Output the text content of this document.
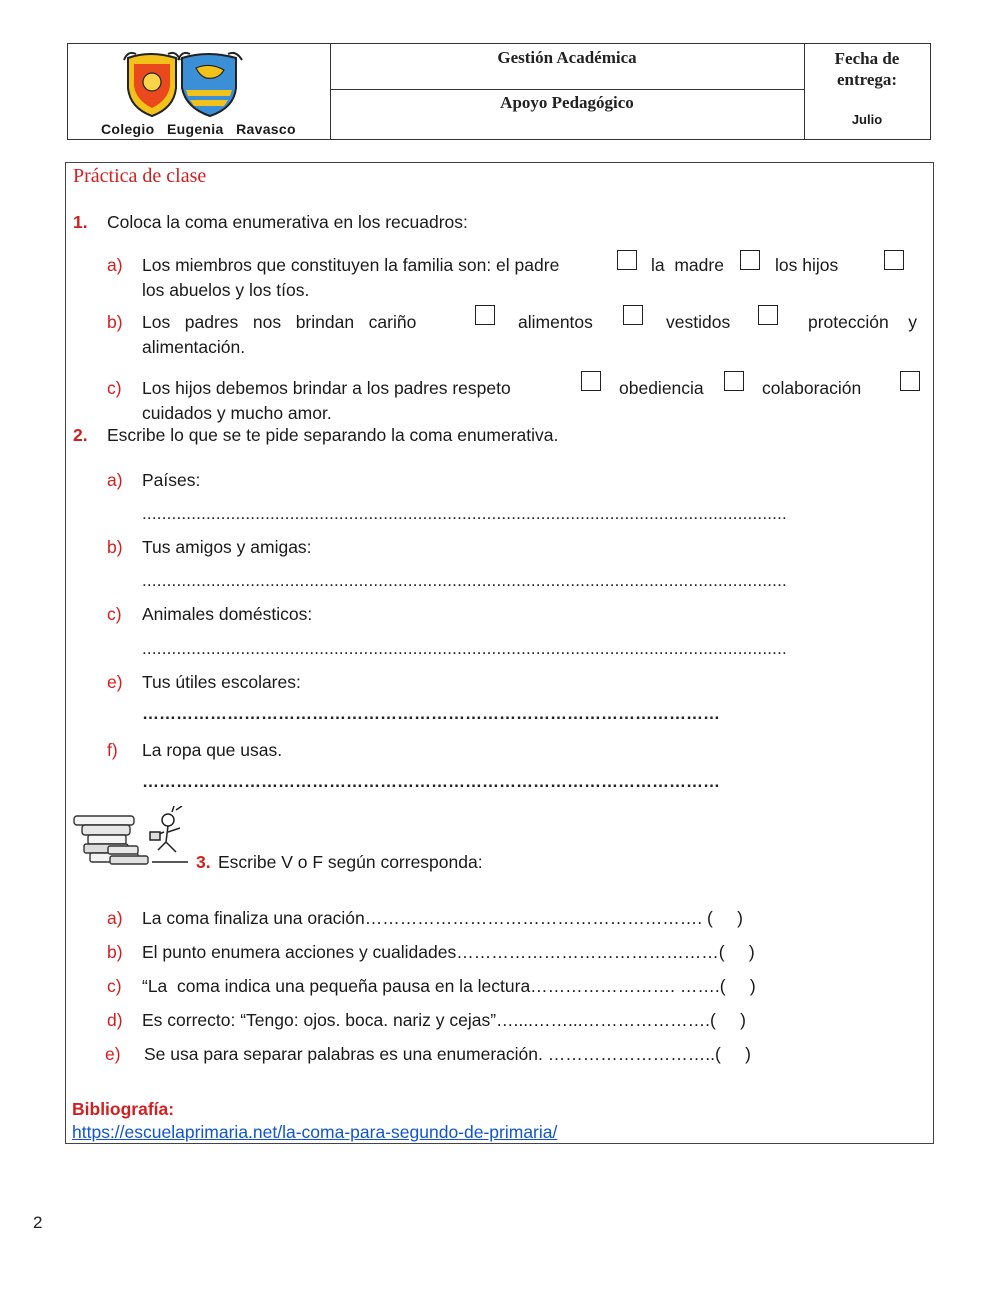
Colegio   Eugenia   Ravasco
Gestión Académica
Apoyo Pedagógico
Fecha de entrega:
Julio
Práctica de clase
1. Coloca la coma enumerativa en los recuadros:
a) Los miembros que constituyen la familia son: el padre	la  madre	los hijos
los abuelos y los tíos.
b) Los   padres   nos   brindan   cariño	alimentos	vestidos	protección    y
alimentación.
c) Los hijos debemos brindar a los padres respeto	obediencia	colaboración
cuidados y mucho amor.
2. Escribe lo que se te pide separando la coma enumerativa.
a) Países:
...................................................................................................................................
b) Tus amigos y amigas:
...................................................................................................................................
c) Animales domésticos:
...................................................................................................................................
e) Tus útiles escolares:
…………………………………………………………………………………………
f) La ropa que usas.
…………………………………………………………………………………………
3. Escribe V o F según corresponda:
a) La coma finaliza una oración…………………………………………………. (     )
b) El punto enumera acciones y cualidades………………………………………(     )
c) “La  coma indica una pequeña pausa en la lectura……………………. …….(     )
d) Es correcto: “Tengo: ojos. boca. nariz y cejas”…....……...………………….(     )
e) Se usa para separar palabras es una enumeración. ………………………..(     )
Bibliografía:
https://escuelaprimaria.net/la-coma-para-segundo-de-primaria/
2
